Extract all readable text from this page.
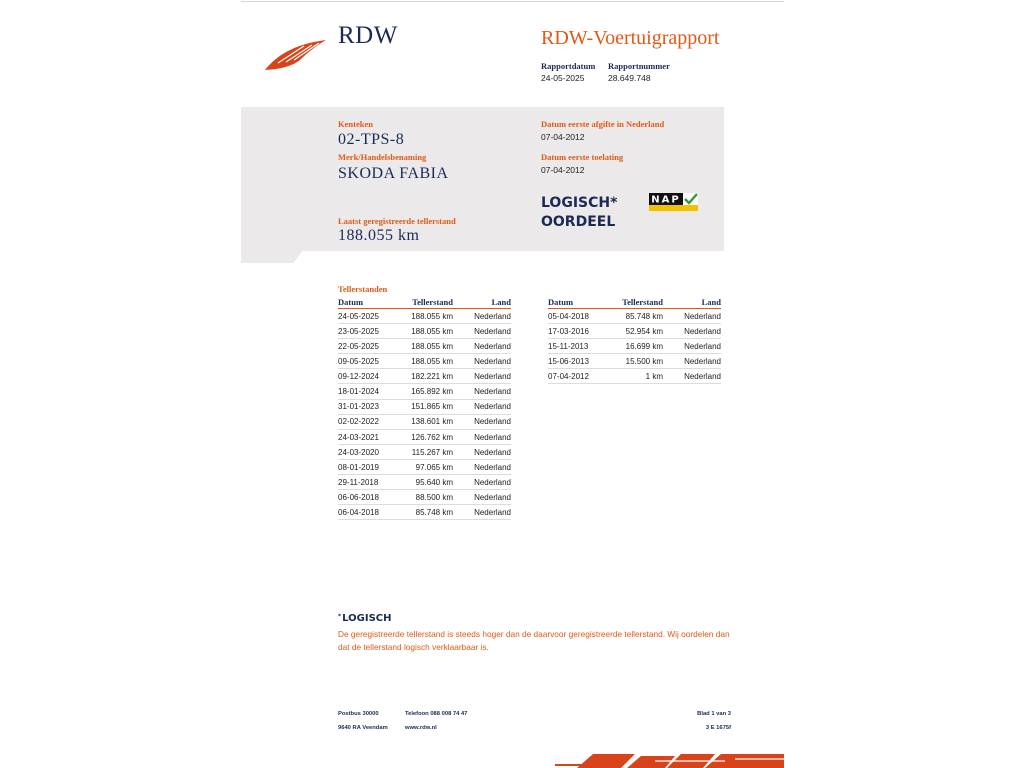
RDW	RDW-Voertuigrapport
Rapportdatum
24-05-2025
Rapportnummer
28.649.748
Kenteken
02-TPS-8
Merk/Handelsbenaming
SKODA FABIA
Laatst geregistreerde tellerstand
188.055 km
Datum eerste afgifte in Nederland
07-04-2012
Datum eerste toelating
07-04-2012
LOGISCH*
OORDEEL
NAP
Tellerstanden
Datum	Tellerstand	Land
24-05-2025	188.055 km	Nederland
23-05-2025	188.055 km	Nederland
22-05-2025	188.055 km	Nederland
09-05-2025	188.055 km	Nederland
09-12-2024	182.221 km	Nederland
18-01-2024	165.892 km	Nederland
31-01-2023	151.865 km	Nederland
02-02-2022	138.601 km	Nederland
24-03-2021	126.762 km	Nederland
24-03-2020	115.267 km	Nederland
08-01-2019	97.065 km	Nederland
29-11-2018	95.640 km	Nederland
06-06-2018	88.500 km	Nederland
06-04-2018	85.748 km	Nederland
Datum	Tellerstand	Land
05-04-2018	85.748 km	Nederland
17-03-2016	52.954 km	Nederland
15-11-2013	16.699 km	Nederland
15-06-2013	15.500 km	Nederland
07-04-2012	1 km	Nederland
*LOGISCH
De geregistreerde tellerstand is steeds hoger dan de daarvoor geregistreerde tellerstand. Wij oordelen dan dat de tellerstand logisch verklaarbaar is.
Postbus 30000
9640 RA Veendam
Telefoon 088 008 74 47
www.rdw.nl
Blad 1 van 3
3 E 1675f
